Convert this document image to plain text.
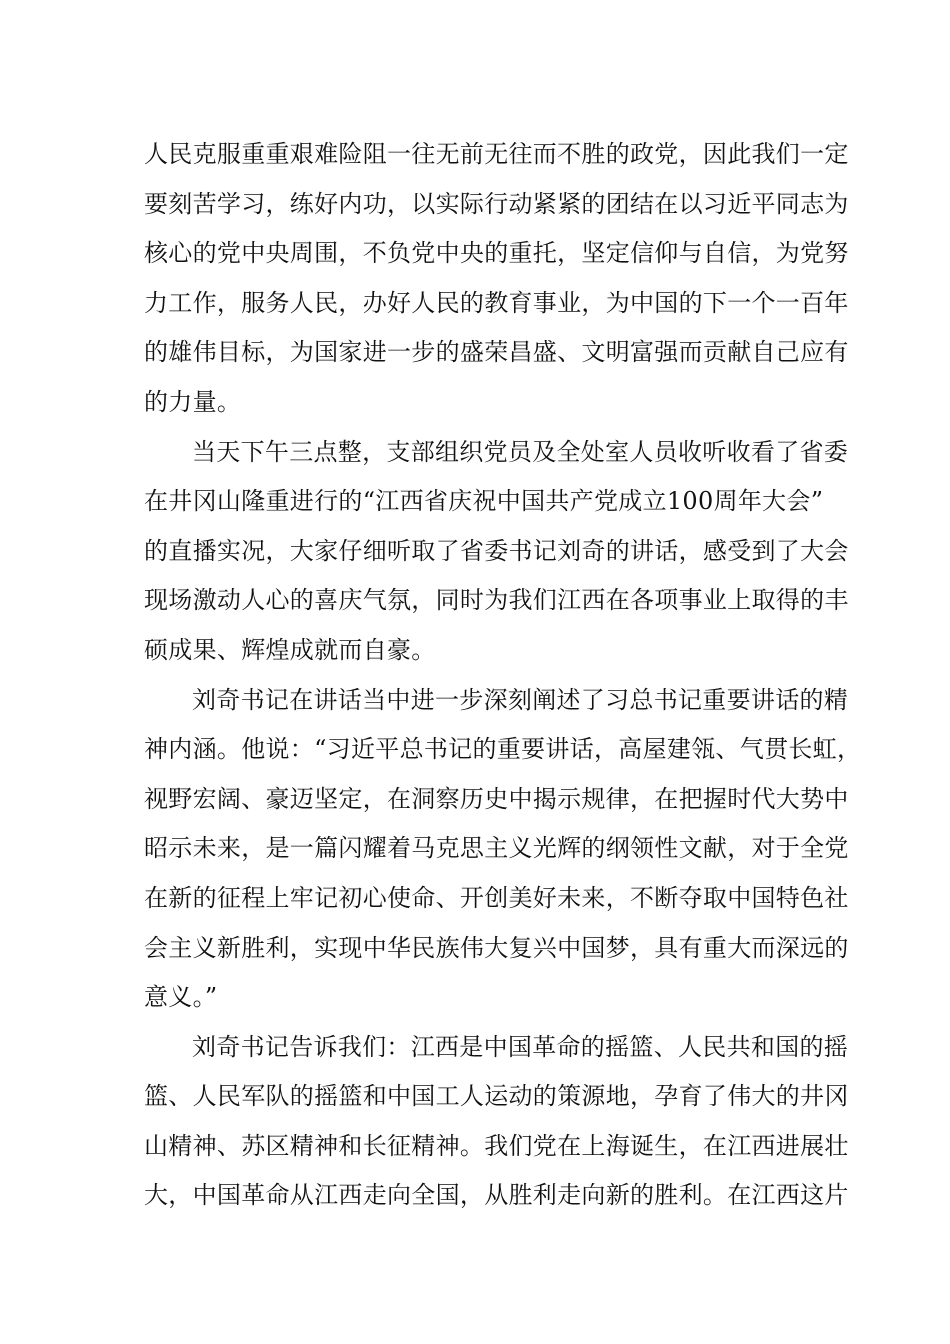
人民克服重重艰难险阻一往无前无往而不胜的政党，因此我们一定
要刻苦学习，练好内功，以实际行动紧紧的团结在以习近平同志为
核心的党中央周围，不负党中央的重托，坚定信仰与自信，为党努
力工作，服务人民，办好人民的教育事业，为中国的下一个一百年
的雄伟目标，为国家进一步的盛荣昌盛、文明富强而贡献自己应有
的力量。
当天下午三点整，支部组织党员及全处室人员收听收看了省委
在井冈山隆重进行的“江西省庆祝中国共产党成立100周年大会”
的直播实况，大家仔细听取了省委书记刘奇的讲话，感受到了大会
现场激动人心的喜庆气氛，同时为我们江西在各项事业上取得的丰
硕成果、辉煌成就而自豪。
刘奇书记在讲话当中进一步深刻阐述了习总书记重要讲话的精
神内涵。他说：“习近平总书记的重要讲话，高屋建瓴、气贯长虹，
视野宏阔、豪迈坚定，在洞察历史中揭示规律，在把握时代大势中
昭示未来，是一篇闪耀着马克思主义光辉的纲领性文献，对于全党
在新的征程上牢记初心使命、开创美好未来，不断夺取中国特色社
会主义新胜利，实现中华民族伟大复兴中国梦，具有重大而深远的
意义。”
刘奇书记告诉我们：江西是中国革命的摇篮、人民共和国的摇
篮、人民军队的摇篮和中国工人运动的策源地，孕育了伟大的井冈
山精神、苏区精神和长征精神。我们党在上海诞生，在江西进展壮
大，中国革命从江西走向全国，从胜利走向新的胜利。在江西这片
